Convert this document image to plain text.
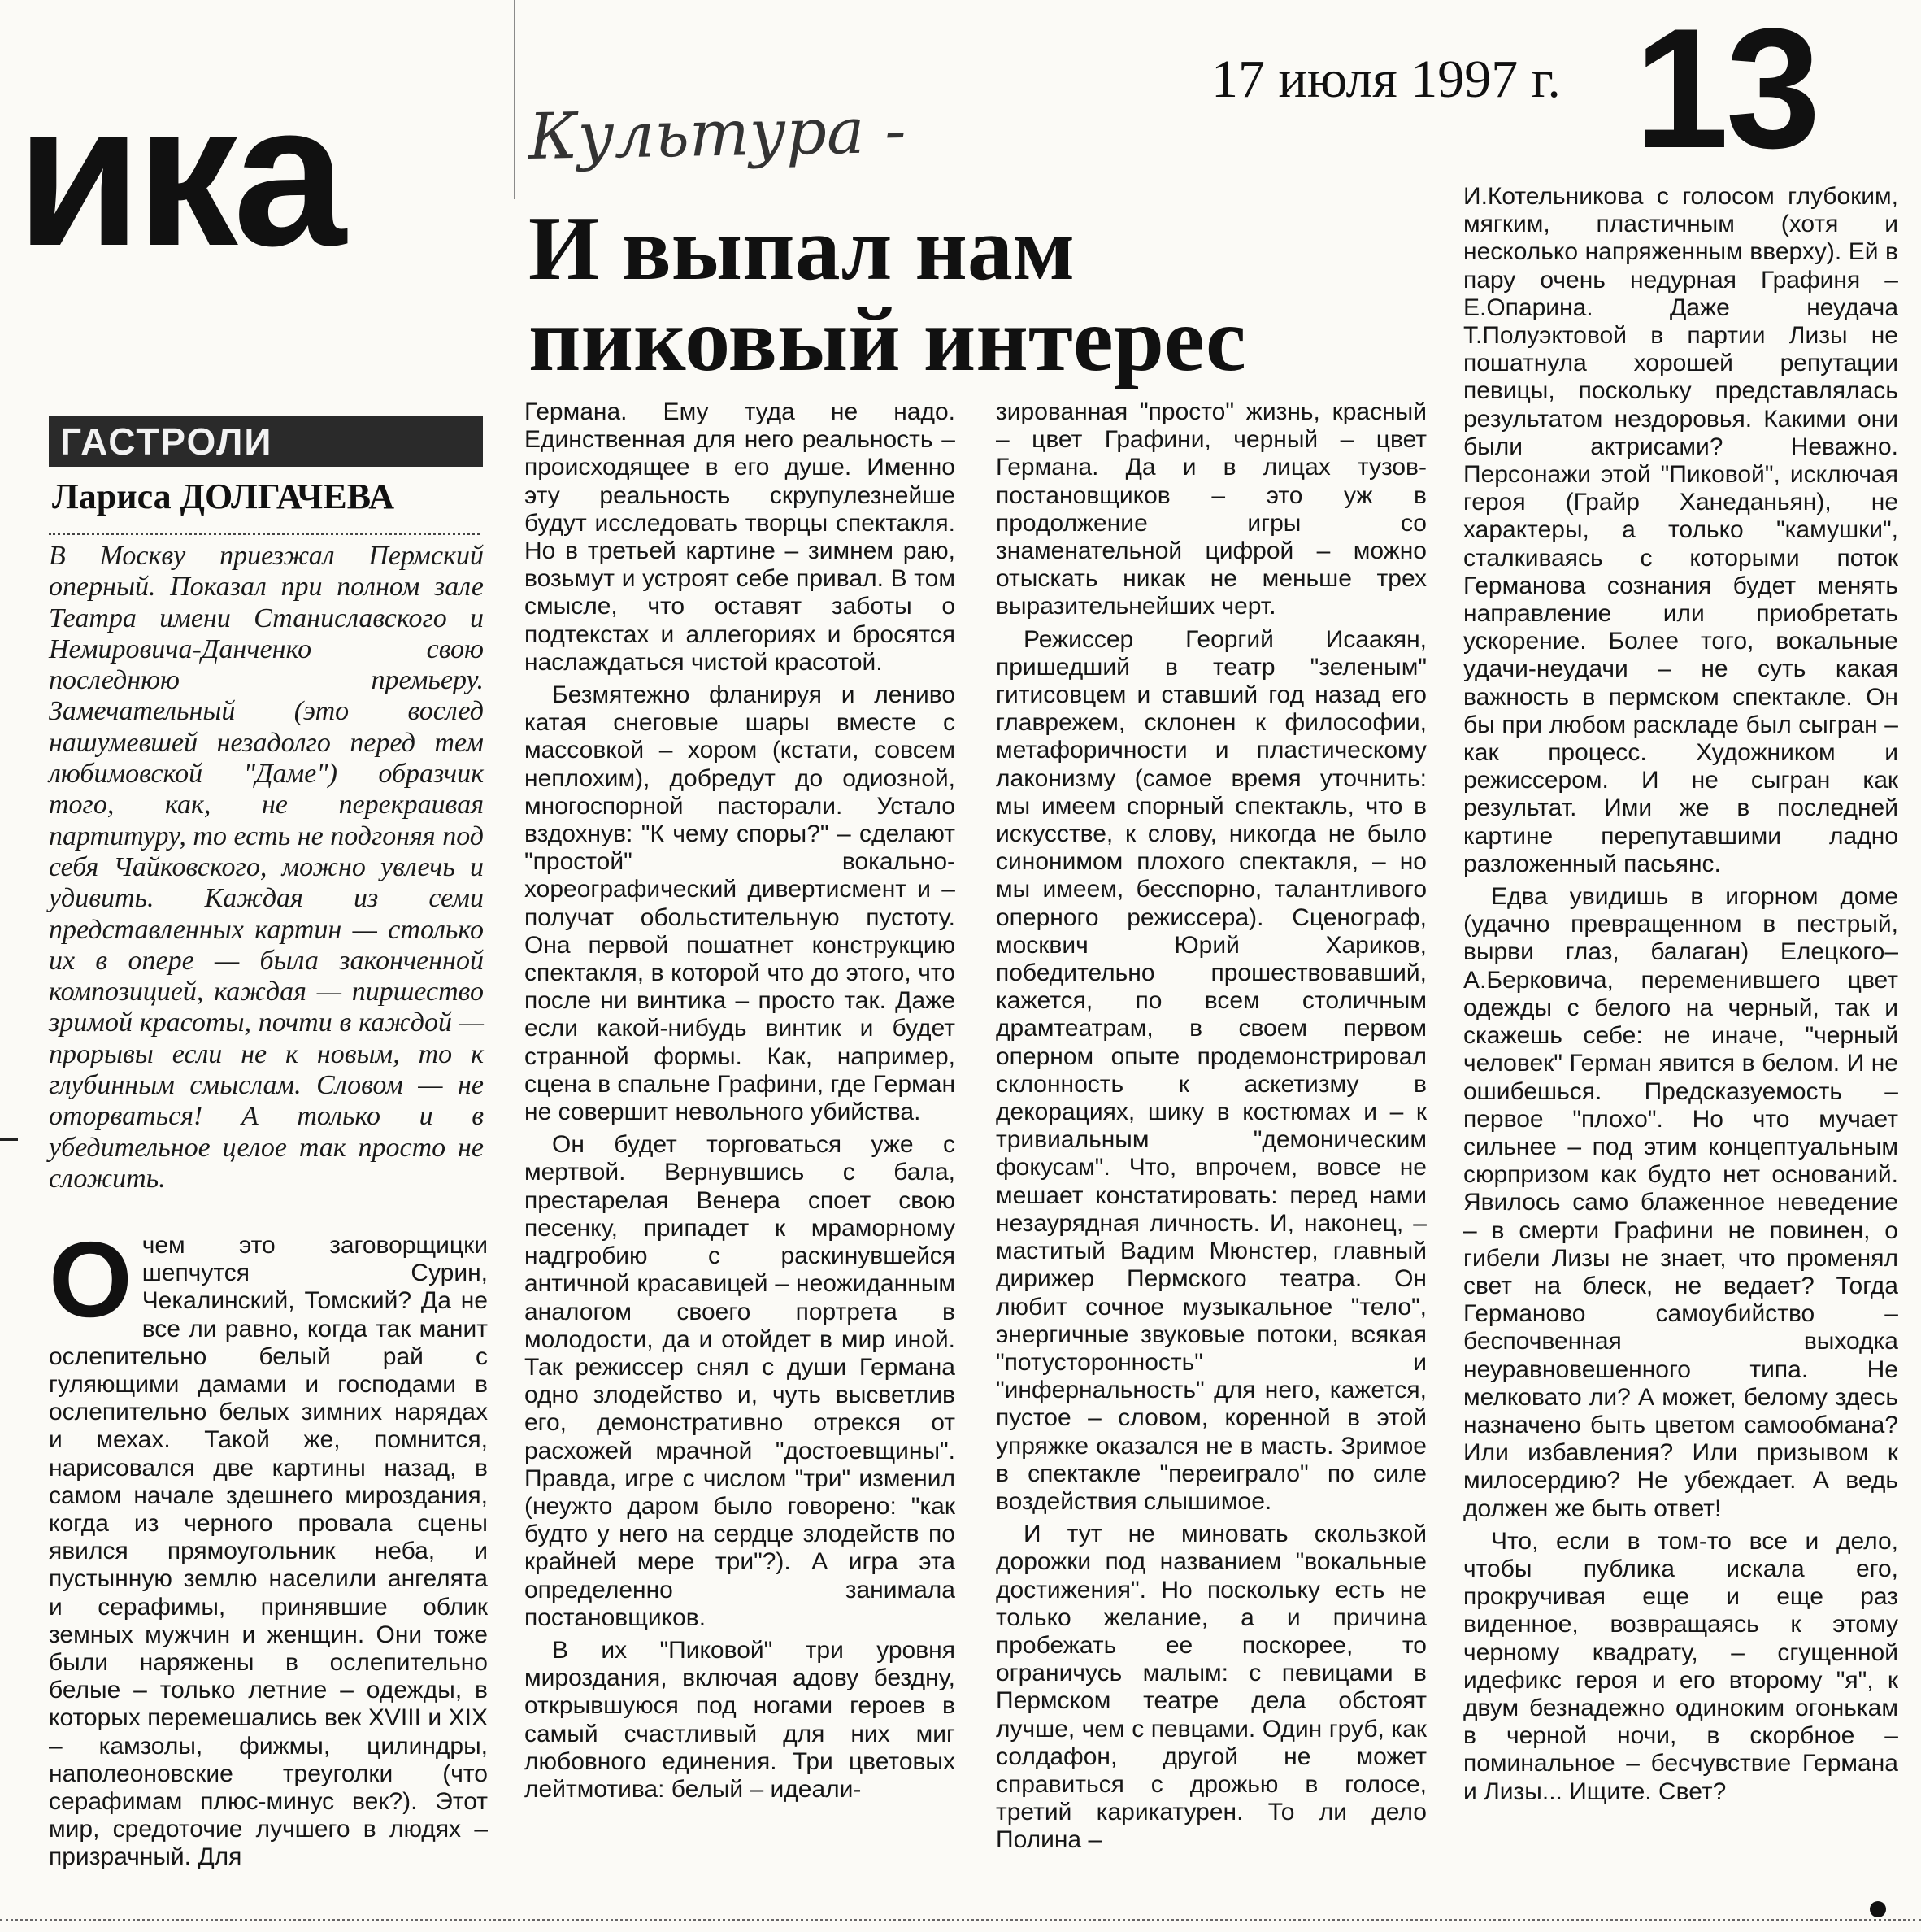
ика	Культура -
17 июля 1997 г. 13
И выпал нам пиковый интерес
ГАСТРОЛИ
Лариса ДОЛГАЧЕВА
В Москву приезжал Пермский оперный. Показал при полном зале Театра имени Станиславского и Немировича-Данченко свою последнюю премьеру. Замечательный (это вослед нашумевшей незадолго перед тем любимовской "Даме") образчик того, как, не перекраивая партитуру, то есть не подгоняя под себя Чайковского, можно увлечь и удивить. Каждая из семи представленных картин — столько их в опере — была законченной композицией, каждая — пиршество зримой красоты, почти в каждой — прорывы если не к новым, то к глубинным смыслам. Словом — не оторваться! А только и в убедительное целое так просто не сложить.

Очем это заговорщицки шепчутся Сурин, Чекалинский, Томский? Да не все ли равно, когда так манит ослепительно белый рай с гуляющими дамами и господами в ослепительно белых зимних нарядах и мехах. Такой же, помнится, нарисовался две картины назад, в самом начале здешнего мироздания, когда из черного провала сцены явился прямоугольник неба, и пустынную землю населили ангелята и серафимы, принявшие облик земных мужчин и женщин. Они тоже были наряжены в ослепительно белые – только летние – одежды, в которых перемешались век XVIII и XIX – камзолы, фижмы, цилиндры, наполеоновские треуголки (что серафимам плюс-минус век?). Этот мир, средоточие лучшего в людях – призрачный. Для

Германа. Ему туда не надо. Единственная для него реальность – происходящее в его душе. Именно эту реальность скрупулезнейше будут исследовать творцы спектакля. Но в третьей картине – зимнем раю, возьмут и устроят себе привал. В том смысле, что оставят заботы о подтекстах и аллегориях и бросятся наслаждаться чистой красотой.

Безмятежно фланируя и лениво катая снеговые шары вместе с массовкой – хором (кстати, совсем неплохим), добредут до одиозной, многоспорной пасторали. Устало вздохнув: "К чему споры?" – сделают "простой" вокально-хореографический дивертисмент и – получат обольстительную пустоту. Она первой пошатнет конструкцию спектакля, в которой что до этого, что после ни винтика – просто так. Даже если какой-нибудь винтик и будет странной формы. Как, например, сцена в спальне Графини, где Герман не совершит невольного убийства.

Он будет торговаться уже с мертвой. Вернувшись с бала, престарелая Венера споет свою песенку, припадет к мраморному надгробию с раскинувшейся античной красавицей – неожиданным аналогом своего портрета в молодости, да и отойдет в мир иной. Так режиссер снял с души Германа одно злодейство и, чуть высветлив его, демонстративно отрекся от расхожей мрачной "достоевщины". Правда, игре с числом "три" изменил (неужто даром было говорено: "как будто у него на сердце злодейств по крайней мере три"?). А игра эта определенно занимала постановщиков.

В их "Пиковой" три уровня мироздания, включая адову бездну, открывшуюся под ногами героев в самый счастливый для них миг любовного единения. Три цветовых лейтмотива: белый – идеали-

зированная "просто" жизнь, красный – цвет Графини, черный – цвет Германа. Да и в лицах тузов-постановщиков – это уж в продолжение игры со знаменательной цифрой – можно отыскать никак не меньше трех выразительнейших черт.

Режиссер Георгий Исаакян, пришедший в театр "зеленым" гитисовцем и ставший год назад его главрежем, склонен к философии, метафоричности и пластическому лаконизму (самое время уточнить: мы имеем спорный спектакль, что в искусстве, к слову, никогда не было синонимом плохого спектакля, – но мы имеем, бесспорно, талантливого оперного режиссера). Сценограф, москвич Юрий Хариков, победительно прошествовавший, кажется, по всем столичным драмтеатрам, в своем первом оперном опыте продемонстрировал склонность к аскетизму в декорациях, шику в костюмах и – к тривиальным "демоническим фокусам". Что, впрочем, вовсе не мешает констатировать: перед нами незаурядная личность. И, наконец, – маститый Вадим Мюнстер, главный дирижер Пермского театра. Он любит сочное музыкальное "тело", энергичные звуковые потоки, всякая "потусторонность" и "инфернальность" для него, кажется, пустое – словом, коренной в этой упряжке оказался не в масть. Зримое в спектакле "переиграло" по силе воздействия слышимое.

И тут не миновать скользкой дорожки под названием "вокальные достижения". Но поскольку есть не только желание, а и причина пробежать ее поскорее, то ограничусь малым: с певицами в Пермском театре дела обстоят лучше, чем с певцами. Один груб, как солдафон, другой не может справиться с дрожью в голосе, третий карикатурен. То ли дело Полина –

И.Котельникова с голосом глубоким, мягким, пластичным (хотя и несколько напряженным вверху). Ей в пару очень недурная Графиня – Е.Опарина. Даже неудача Т.Полуэктовой в партии Лизы не пошатнула хорошей репутации певицы, поскольку представлялась результатом нездоровья. Какими они были актрисами? Неважно. Персонажи этой "Пиковой", исключая героя (Грайр Ханеданьян), не характеры, а только "камушки", сталкиваясь с которыми поток Германова сознания будет менять направление или приобретать ускорение. Более того, вокальные удачи-неудачи – не суть какая важность в пермском спектакле. Он бы при любом раскладе был сыгран – как процесс. Художником и режиссером. И не сыгран как результат. Ими же в последней картине перепутавшими ладно разложенный пасьянс.

Едва увидишь в игорном доме (удачно превращенном в пестрый, вырви глаз, балаган) Елецкого–А.Берковича, переменившего цвет одежды с белого на черный, так и скажешь себе: не иначе, "черный человек" Герман явится в белом. И не ошибешься. Предсказуемость – первое "плохо". Но что мучает сильнее – под этим концептуальным сюрпризом как будто нет оснований. Явилось само блаженное неведение – в смерти Графини не повинен, о гибели Лизы не знает, что променял свет на блеск, не ведает? Тогда Германово самоубийство – беспочвенная выходка неуравновешенного типа. Не мелковато ли? А может, белому здесь назначено быть цветом самообмана? Или избавления? Или призывом к милосердию? Не убеждает. А ведь должен же быть ответ!

Что, если в том-то все и дело, чтобы публика искала его, прокручивая еще и еще раз виденное, возвращаясь к этому черному квадрату, – сгущенной идефикс героя и его второму "я", к двум безнадежно одиноким огонькам в черной ночи, в скорбное – поминальное – бесчувствие Германа и Лизы... Ищите. Свет?
